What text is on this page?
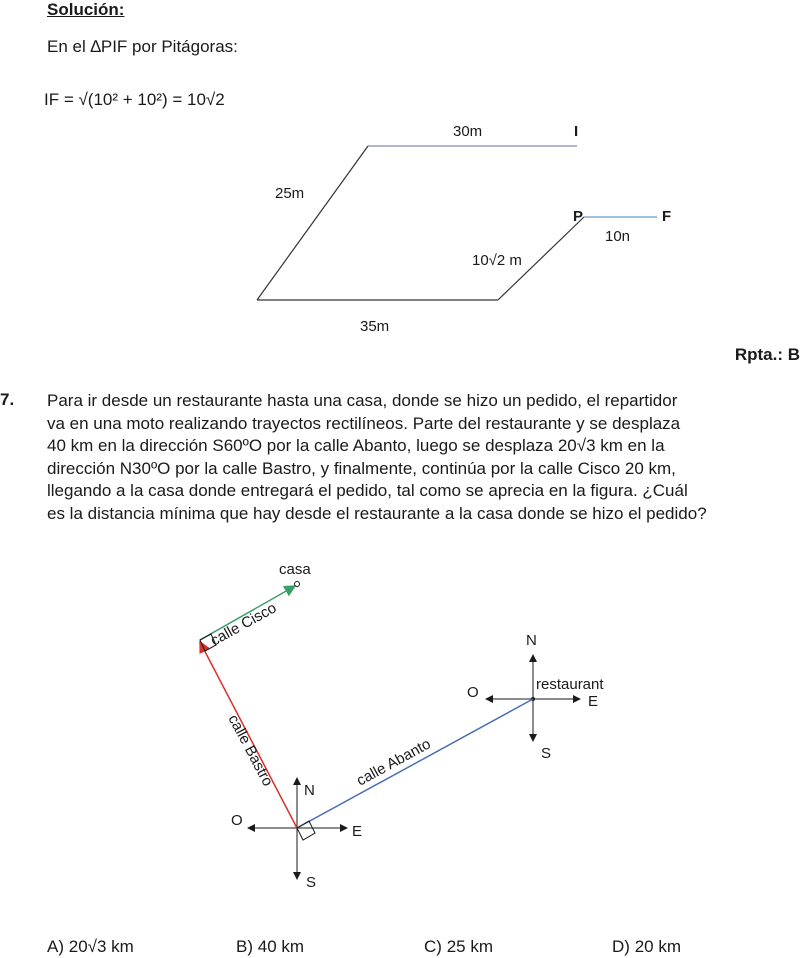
Solución:
En el ∆PIF por Pitágoras:
IF = √(10² + 10²) = 10√2
30m	I
25m
P	F
10n
10√2 m
35m
N
O
E
S
restaurant
N
O
E
S
casa
calle Cisco
calle Bastro	calle Abanto
Rpta.: B
7. Para ir desde un restaurante hasta una casa, donde se hizo un pedido, el repartidor
va en una moto realizando trayectos rectilíneos. Parte del restaurante y se desplaza
40 km en la dirección S60ºO por la calle Abanto, luego se desplaza 20√3 km en la
dirección N30ºO por la calle Bastro, y finalmente, continúa por la calle Cisco 20 km,
llegando a la casa donde entregará el pedido, tal como se aprecia en la figura. ¿Cuál
es la distancia mínima que hay desde el restaurante a la casa donde se hizo el pedido?
A) 20√3 km	B) 40 km	C) 25 km	D) 20 km
